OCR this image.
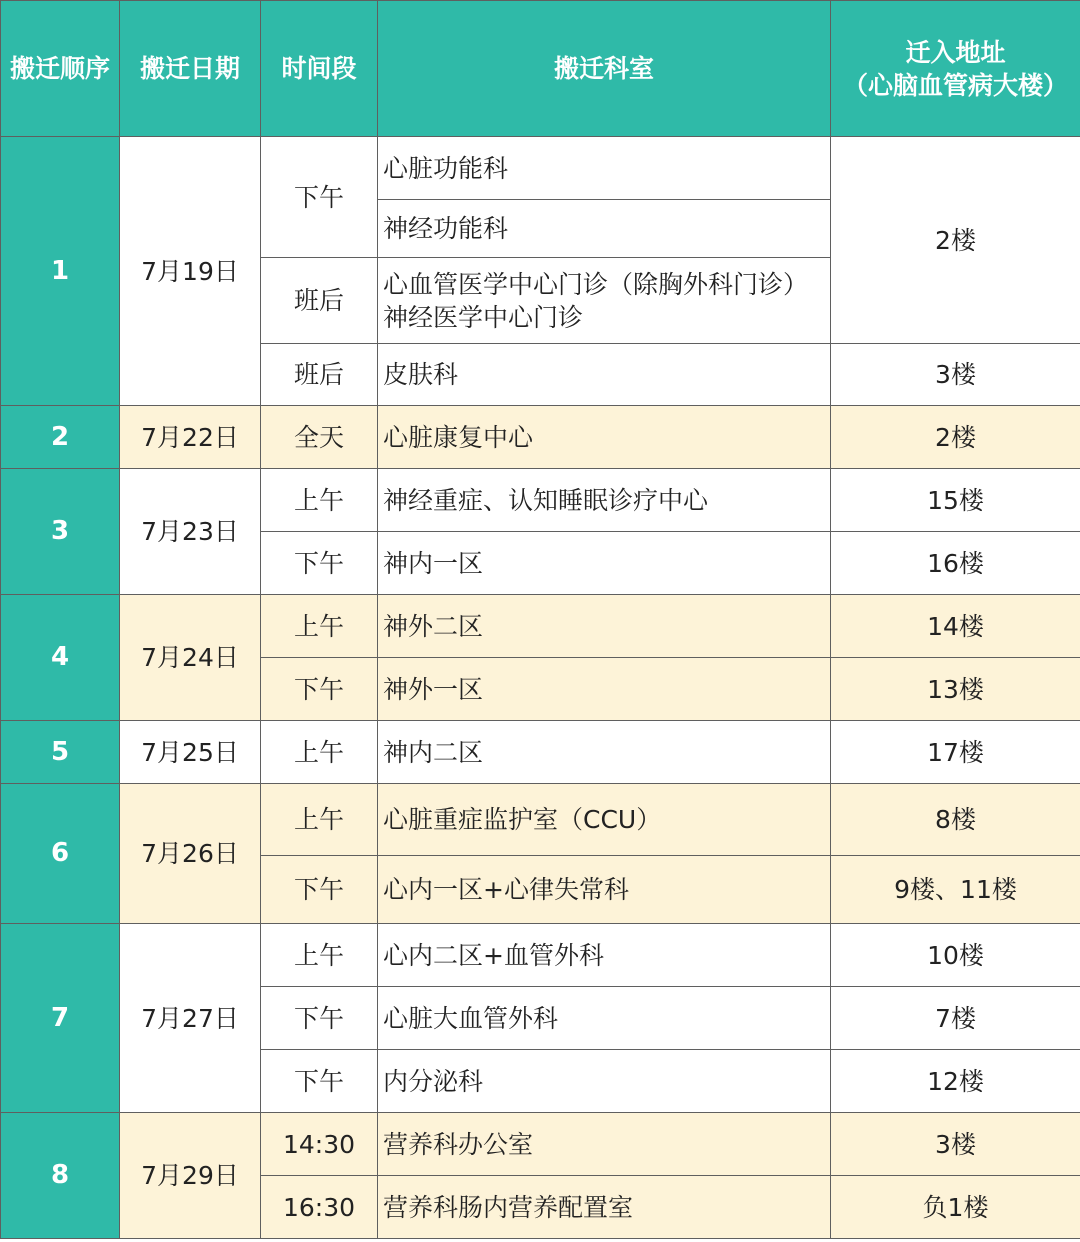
搬迁顺序	搬迁日期	时间段	搬迁科室	迁入地址
（心脑血管病大楼）

1	7月19日	下午	心脏功能科	2楼
			神经功能科	
		班后	心血管医学中心门诊（除胸外科门诊）
神经医学中心门诊	

		班后	皮肤科	3楼
2	7月22日	全天	心脏康复中心	2楼
3	7月23日	上午	神经重症、认知睡眠诊疗中心	15楼
		下午	神内一区	16楼
4	7月24日	上午	神外二区	14楼
		下午	神外一区	13楼
5	7月25日	上午	神内二区	17楼
6	7月26日	上午	心脏重症监护室（CCU）	8楼
		下午	心内一区+心律失常科	9楼、11楼
7	7月27日	上午	心内二区+血管外科	10楼
		下午	心脏大血管外科	7楼
		下午	内分泌科	12楼
8	7月29日	14:30	营养科办公室	3楼
		16:30	营养科肠内营养配置室	负1楼
